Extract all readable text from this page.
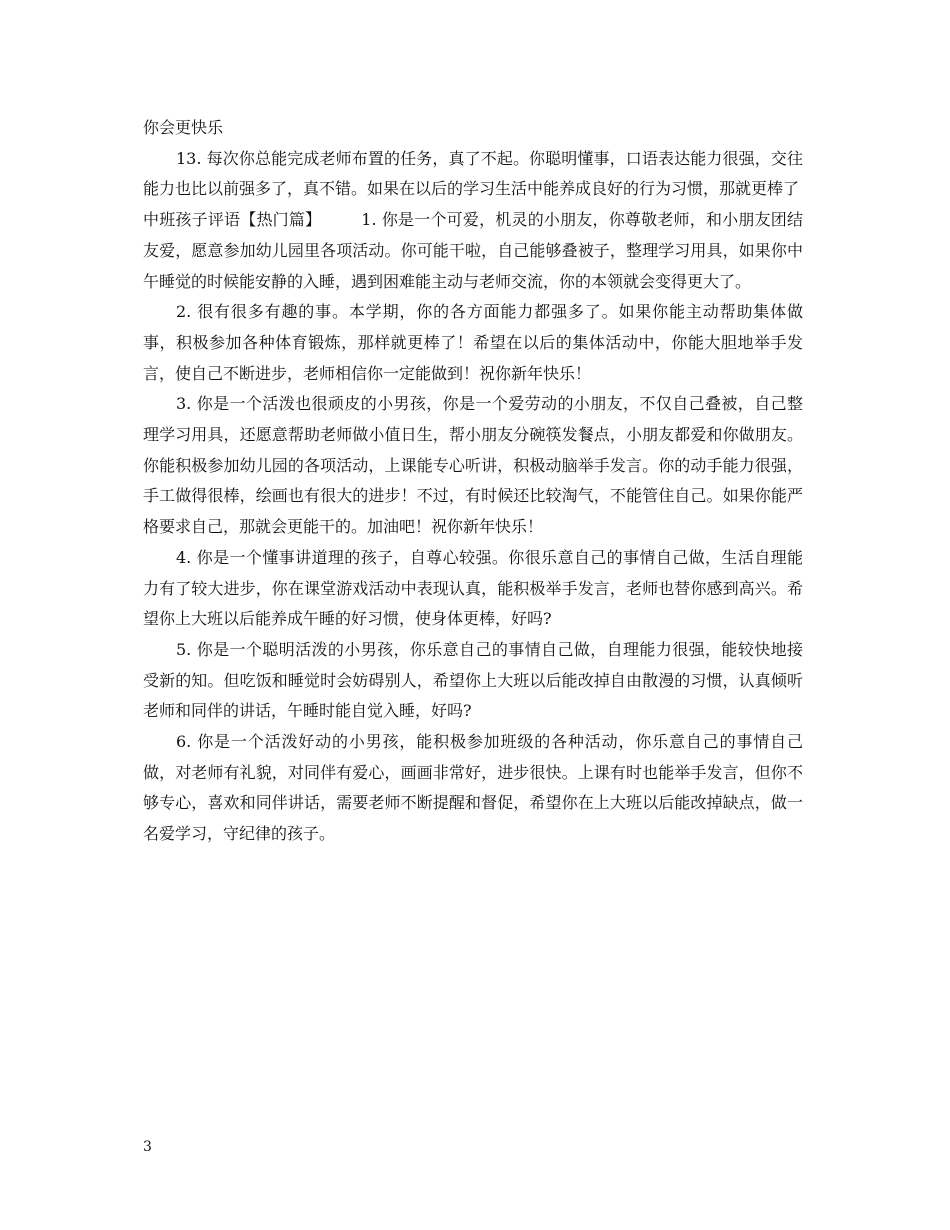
你会更快乐

13. 每次你总能完成老师布置的任务，真了不起。你聪明懂事，口语表达能力很强，交往能力也比以前强多了，真不错。如果在以后的学习生活中能养成良好的行为习惯，那就更棒了

中班孩子评语【热门篇】	1. 你是一个可爱，机灵的小朋友，你尊敬老师，和小朋友团结友爱，愿意参加幼儿园里各项活动。你可能干啦，自己能够叠被子，整理学习用具，如果你中午睡觉的时候能安静的入睡，遇到困难能主动与老师交流，你的本领就会变得更大了。

2. 很有很多有趣的事。本学期，你的各方面能力都强多了。如果你能主动帮助集体做事，积极参加各种体育锻炼，那样就更棒了！希望在以后的集体活动中，你能大胆地举手发言，使自己不断进步，老师相信你一定能做到！祝你新年快乐！

3. 你是一个活泼也很顽皮的小男孩，你是一个爱劳动的小朋友，不仅自己叠被，自己整理学习用具，还愿意帮助老师做小值日生，帮小朋友分碗筷发餐点，小朋友都爱和你做朋友。你能积极参加幼儿园的各项活动，上课能专心听讲，积极动脑举手发言。你的动手能力很强，手工做得很棒，绘画也有很大的进步！不过，有时候还比较淘气，不能管住自己。如果你能严格要求自己，那就会更能干的。加油吧！祝你新年快乐！

4. 你是一个懂事讲道理的孩子，自尊心较强。你很乐意自己的事情自己做，生活自理能力有了较大进步，你在课堂游戏活动中表现认真，能积极举手发言，老师也替你感到高兴。希望你上大班以后能养成午睡的好习惯，使身体更棒，好吗?

5. 你是一个聪明活泼的小男孩，你乐意自己的事情自己做，自理能力很强，能较快地接受新的知。但吃饭和睡觉时会妨碍别人，希望你上大班以后能改掉自由散漫的习惯，认真倾听老师和同伴的讲话，午睡时能自觉入睡，好吗?

6. 你是一个活泼好动的小男孩，能积极参加班级的各种活动，你乐意自己的事情自己做，对老师有礼貌，对同伴有爱心，画画非常好，进步很快。上课有时也能举手发言，但你不够专心，喜欢和同伴讲话，需要老师不断提醒和督促，希望你在上大班以后能改掉缺点，做一名爱学习，守纪律的孩子。

3
